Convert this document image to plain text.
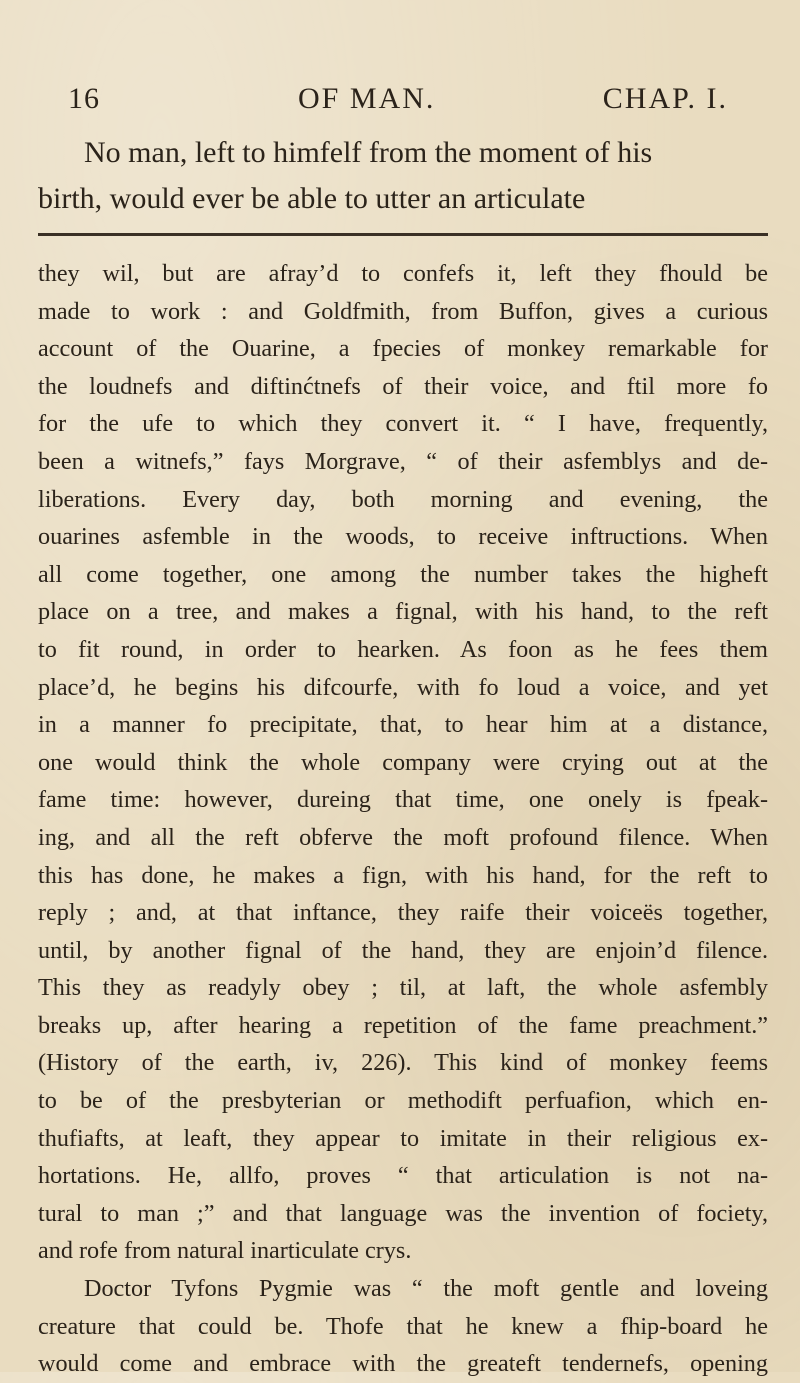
16	OF MAN.	CHAP. I.
No man, left to himfelf from the moment of his
birth, would ever be able to utter an articulate
they wil, but are afray’d to confefs it, left they fhould be
made to work : and Goldfmith, from Buffon, gives a curious
account of the Ouarine, a fpecies of monkey remarkable for
the loudnefs and diftinćtnefs of their voice, and ftil more fo
for the ufe to which they convert it. “ I have, frequently,
been a witnefs,” fays Morgrave, “ of their asfemblys and de-
liberations. Every day, both morning and evening, the
ouarines asfemble in the woods, to receive inftructions. When
all come together, one among the number takes the higheft
place on a tree, and makes a fignal, with his hand, to the reft
to fit round, in order to hearken. As foon as he fees them
place’d, he begins his difcourfe, with fo loud a voice, and yet
in a manner fo precipitate, that, to hear him at a distance,
one would think the whole company were crying out at the
fame time: however, dureing that time, one onely is fpeak-
ing, and all the reft obferve the moft profound filence. When
this has done, he makes a fign, with his hand, for the reft to
reply ; and, at that inftance, they raife their voiceës together,
until, by another fignal of the hand, they are enjoin’d filence.
This they as readyly obey ; til, at laft, the whole asfembly
breaks up, after hearing a repetition of the fame preachment.”
(History of the earth, iv, 226). This kind of monkey feems
to be of the presbyterian or methodift perfuafion, which en-
thufiafts, at leaft, they appear to imitate in their religious ex-
hortations. He, allfo, proves “ that articulation is not na-
tural to man ;” and that language was the invention of fociety,
and rofe from natural inarticulate crys.
Doctor Tyfons Pygmie was “ the moft gentle and loveing
creature that could be. Thofe that he knew a fhip-board he
would come and embrace with the greateft tendernefs, opening
